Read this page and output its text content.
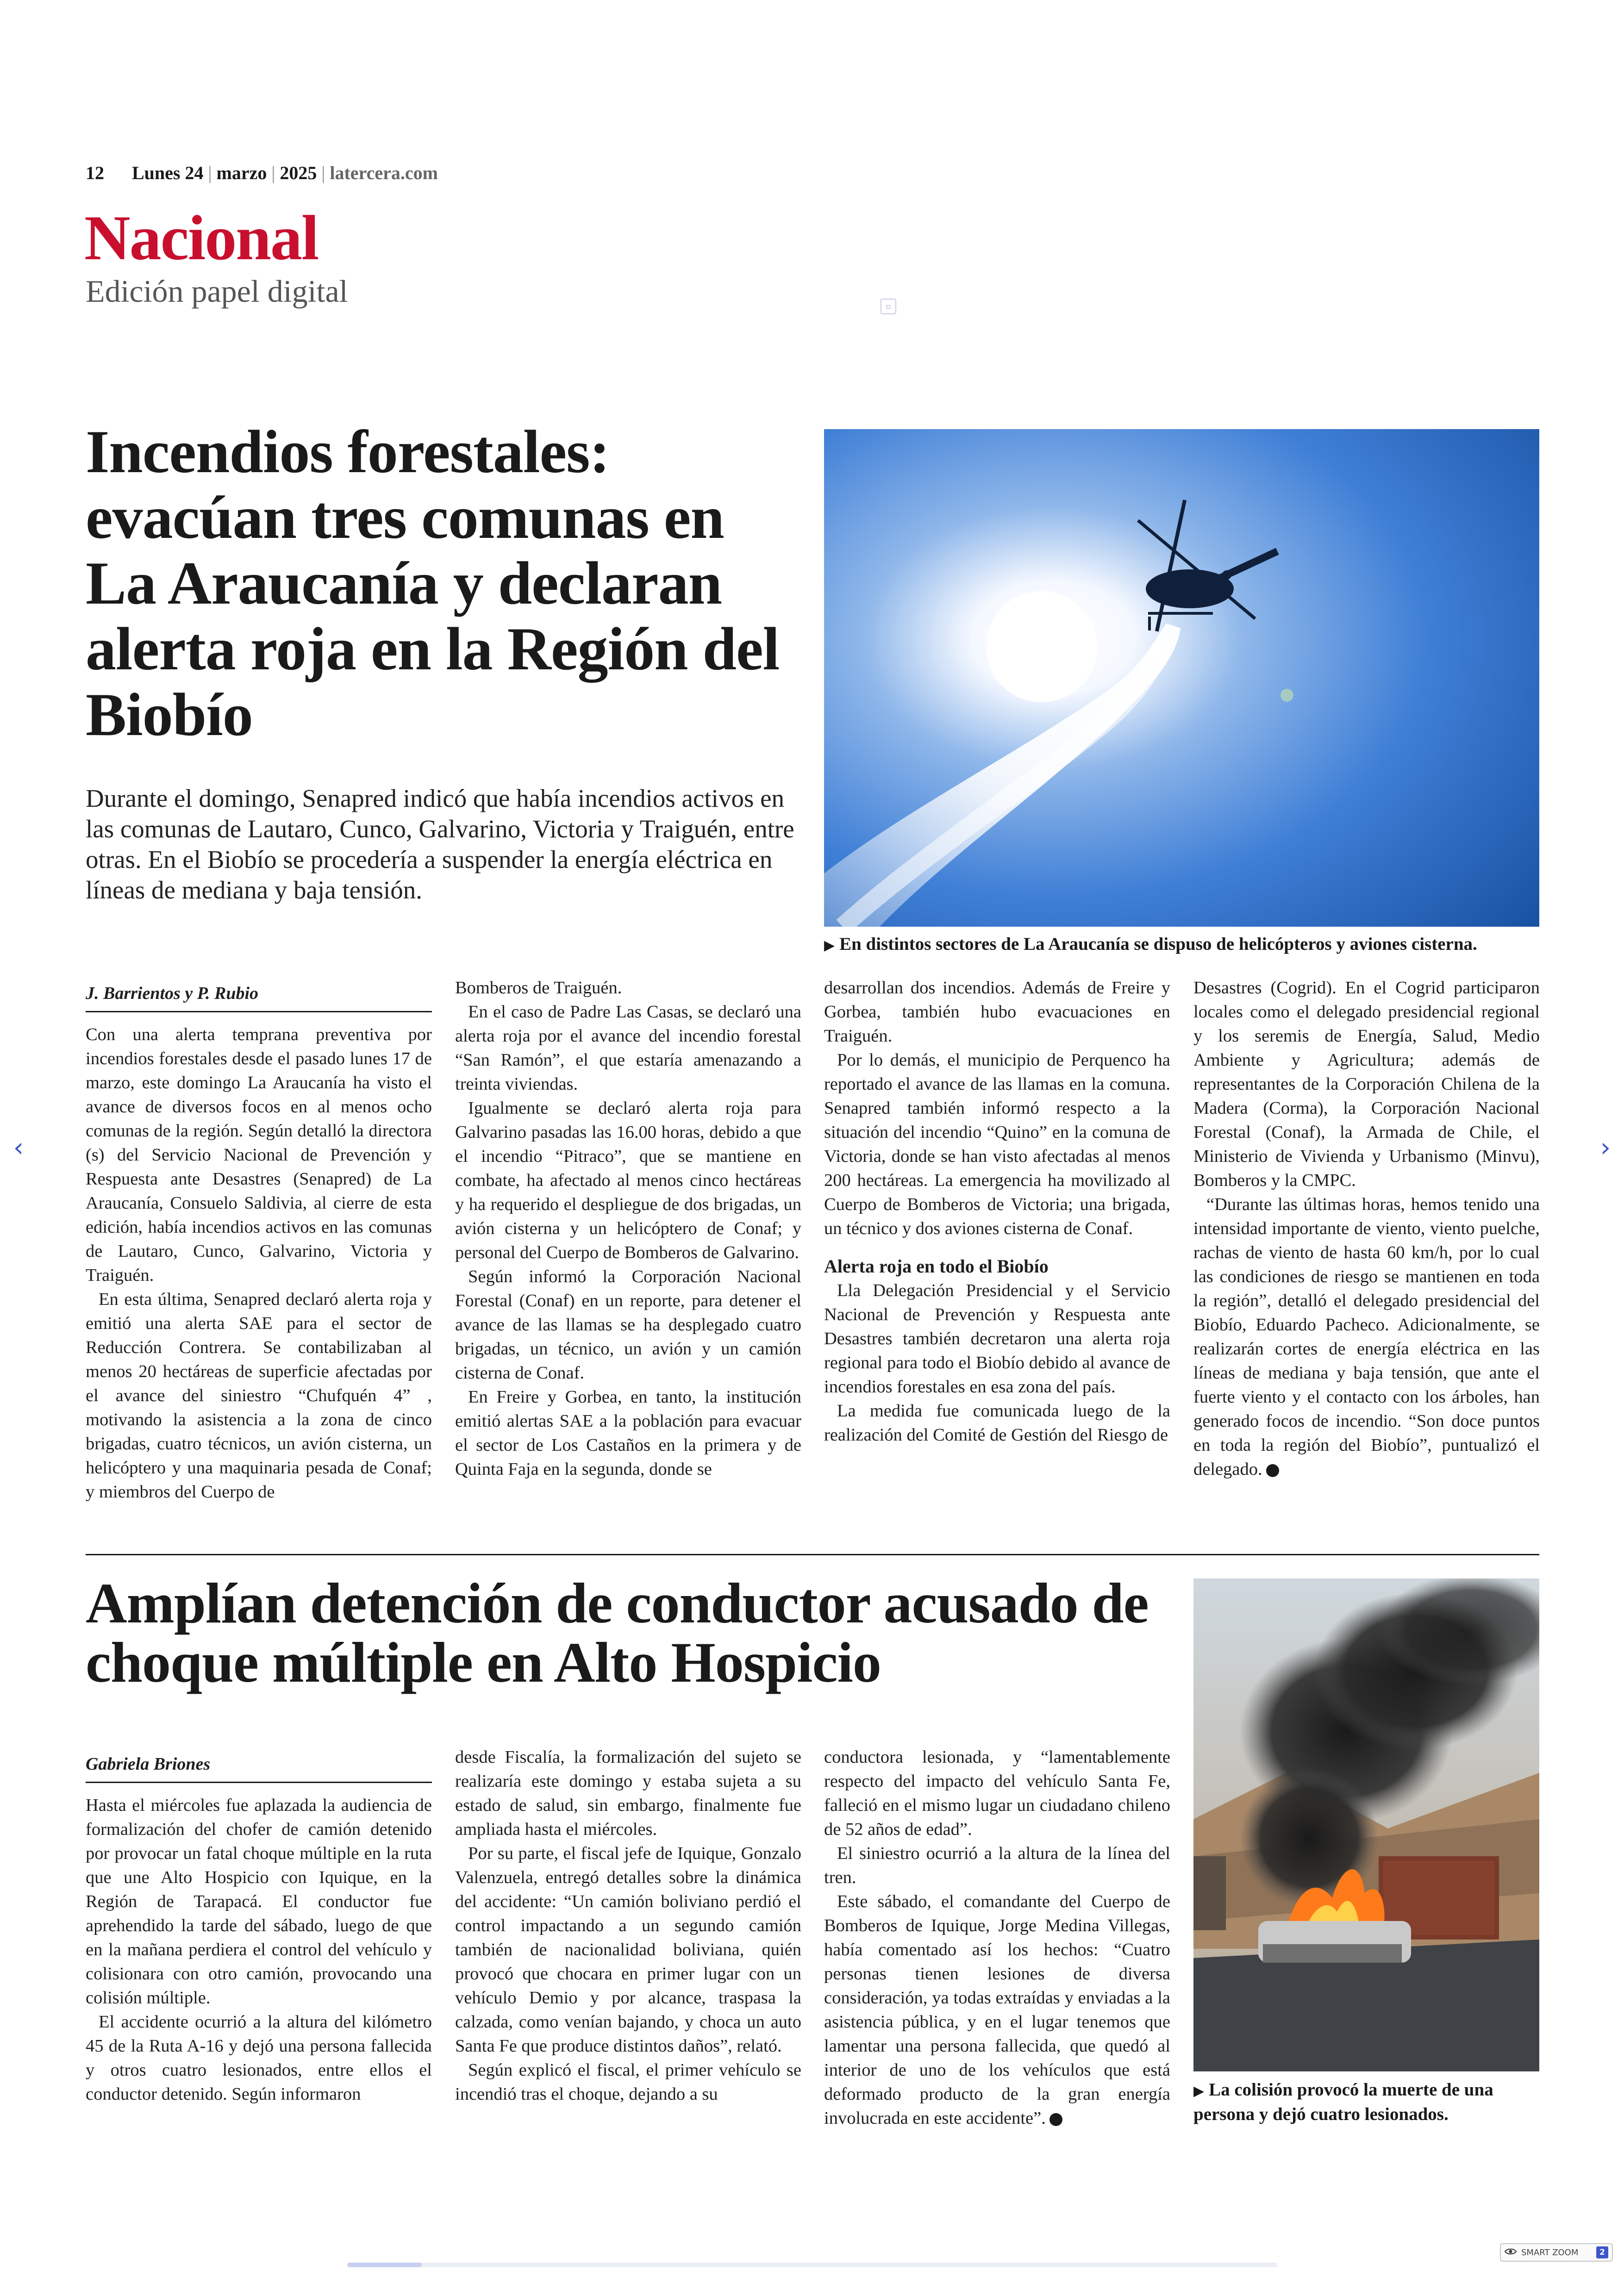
12 Lunes 24 | marzo | 2025 | latercera.com
Nacional
Edición papel digital	▫
Incendios forestales: evacúan tres comunas en La Araucanía y declaran alerta roja en la Región del Biobío
Durante el domingo, Senapred indicó que había incendios activos en las comunas de Lautaro, Cunco, Galvarino, Victoria y Traiguén, entre otras. En el Biobío se procedería a suspender la energía eléctrica en líneas de mediana y baja tensión.
▶ En distintos sectores de La Araucanía se dispuso de helicópteros y aviones cisterna.
J. Barrientos y P. Rubio

Con una alerta temprana preventiva por incendios forestales desde el pasado lunes 17 de marzo, este domingo La Araucanía ha visto el avance de diversos focos en al menos ocho comunas de la región. Según detalló la directora (s) del Servicio Nacional de Prevención y Respuesta ante Desastres (Senapred) de La Araucanía, Consuelo Saldivia, al cierre de esta edición, había incendios activos en las comunas de Lautaro, Cunco, Galvarino, Victoria y Traiguén.

En esta última, Senapred declaró alerta roja y emitió una alerta SAE para el sector de Reducción Contrera. Se contabilizaban al menos 20 hectáreas de superficie afectadas por el avance del siniestro “Chufquén 4” , motivando la asistencia a la zona de cinco brigadas, cuatro técnicos, un avión cisterna, un helicóptero y una maquinaria pesada de Conaf; y miembros del Cuerpo de

Bomberos de Traiguén.

En el caso de Padre Las Casas, se declaró una alerta roja por el avance del incendio forestal “San Ramón”, el que estaría amenazando a treinta viviendas.

Igualmente se declaró alerta roja para Galvarino pasadas las 16.00 horas, debido a que el incendio “Pitraco”, que se mantiene en combate, ha afectado al menos cinco hectáreas y ha requerido el despliegue de dos brigadas, un avión cisterna y un helicóptero de Conaf; y personal del Cuerpo de Bomberos de Galvarino.

Según informó la Corporación Nacional Forestal (Conaf) en un reporte, para detener el avance de las llamas se ha desplegado cuatro brigadas, un técnico, un avión y un camión cisterna de Conaf.

En Freire y Gorbea, en tanto, la institución emitió alertas SAE a la población para evacuar el sector de Los Castaños en la primera y de Quinta Faja en la segunda, donde se

desarrollan dos incendios. Además de Freire y Gorbea, también hubo evacuaciones en Traiguén.

Por lo demás, el municipio de Perquenco ha reportado el avance de las llamas en la comuna. Senapred también informó respecto a la situación del incendio “Quino” en la comuna de Victoria, donde se han visto afectadas al menos 200 hectáreas. La emergencia ha movilizado al Cuerpo de Bomberos de Victoria; una brigada, un técnico y dos aviones cisterna de Conaf.

Alerta roja en todo el Biobío

Lla Delegación Presidencial y el Servicio Nacional de Prevención y Respuesta ante Desastres también decretaron una alerta roja regional para todo el Biobío debido al avance de incendios forestales en esa zona del país.

La medida fue comunicada luego de la realización del Comité de Gestión del Riesgo de

Desastres (Cogrid). En el Cogrid participaron locales como el delegado presidencial regional y los seremis de Energía, Salud, Medio Ambiente y Agricultura; además de representantes de la Corporación Chilena de la Madera (Corma), la Corporación Nacional Forestal (Conaf), la Armada de Chile, el Ministerio de Vivienda y Urbanismo (Minvu), Bomberos y la CMPC.

“Durante las últimas horas, hemos tenido una intensidad importante de viento, viento puelche, rachas de viento de hasta 60 km/h, por lo cual las condiciones de riesgo se mantienen en toda la región”, detalló el delegado presidencial del Biobío, Eduardo Pacheco. Adicionalmente, se realizarán cortes de energía eléctrica en las líneas de mediana y baja tensión, que ante el fuerte viento y el contacto con los árboles, han generado focos de incendio. “Son doce puntos en toda la región del Biobío”, puntualizó el delegado.

Amplían detención de conductor acusado de choque múltiple en Alto Hospicio
▶ La colisión provocó la muerte de una persona y dejó cuatro lesionados.
Gabriela Briones

Hasta el miércoles fue aplazada la audiencia de formalización del chofer de camión detenido por provocar un fatal choque múltiple en la ruta que une Alto Hospicio con Iquique, en la Región de Tarapacá. El conductor fue aprehendido la tarde del sábado, luego de que en la mañana perdiera el control del vehículo y colisionara con otro camión, provocando una colisión múltiple.

El accidente ocurrió a la altura del kilómetro 45 de la Ruta A-16 y dejó una persona fallecida y otros cuatro lesionados, entre ellos el conductor detenido. Según informaron

desde Fiscalía, la formalización del sujeto se realizaría este domingo y estaba sujeta a su estado de salud, sin embargo, finalmente fue ampliada hasta el miércoles.

Por su parte, el fiscal jefe de Iquique, Gonzalo Valenzuela, entregó detalles sobre la dinámica del accidente: “Un camión boliviano perdió el control impactando a un segundo camión también de nacionalidad boliviana, quién provocó que chocara en primer lugar con un vehículo Demio y por alcance, traspasa la calzada, como venían bajando, y choca un auto Santa Fe que produce distintos daños”, relató.

Según explicó el fiscal, el primer vehículo se incendió tras el choque, dejando a su

conductora lesionada, y “lamentablemente respecto del impacto del vehículo Santa Fe, falleció en el mismo lugar un ciudadano chileno de 52 años de edad”.

El siniestro ocurrió a la altura de la línea del tren.

Este sábado, el comandante del Cuerpo de Bomberos de Iquique, Jorge Medina Villegas, había comentado así los hechos: “Cuatro personas tienen lesiones de diversa consideración, ya todas extraídas y enviadas a la asistencia pública, y en el lugar tenemos que lamentar una persona fallecida, que quedó al interior de uno de los vehículos que está deformado producto de la gran energía involucrada en este accidente”.

‹	›
SMART ZOOM	2
